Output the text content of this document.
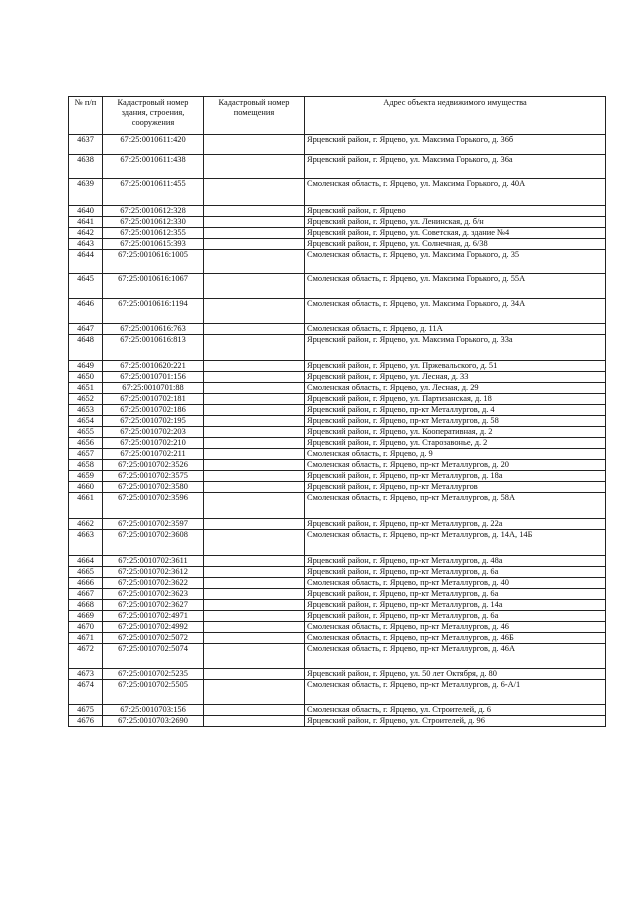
№ п/п	Кадастровый номер здания, строения, сооружения	Кадастровый номер помещения	Адрес объекта недвижимого имущества
4637	67:25:0010611:420		Ярцевский район, г. Ярцево, ул. Максима Горького, д. 36б

4638	67:25:0010611:438		Ярцевский район, г. Ярцево, ул. Максима Горького, д. 36а

4639	67:25:0010611:455		Смоленская область, г. Ярцево, ул. Максима Горького, д. 40А

4640	67:25:0010612:328		Ярцевский район, г. Ярцево

4641	67:25:0010612:330		Ярцевский район, г. Ярцево, ул. Ленинская, д. б/н

4642	67:25:0010612:355		Ярцевский район, г. Ярцево, ул. Советская, д. здание №4

4643	67:25:0010615:393		Ярцевский район, г. Ярцево, ул. Солнечная, д. 6/38

4644	67:25:0010616:1005		Смоленская область, г. Ярцево, ул. Максима Горького, д. 35

4645	67:25:0010616:1067		Смоленская область, г. Ярцево, ул. Максима Горького, д. 55А

4646	67:25:0010616:1194		Смоленская область, г. Ярцево, ул. Максима Горького, д. 34А

4647	67:25:0010616:763		Смоленская область, г. Ярцево, д. 11А

4648	67:25:0010616:813		Ярцевский район, г. Ярцево, ул. Максима Горького, д. 33а

4649	67:25:0010620:221		Ярцевский район, г. Ярцево, ул. Пржевальского, д. 51

4650	67:25:0010701:156		Ярцевский район, г. Ярцево, ул. Лесная, д. 33

4651	67:25:0010701:88		Смоленская область, г. Ярцево, ул. Лесная, д. 29

4652	67:25:0010702:181		Ярцевский район, г. Ярцево, ул. Партизанская, д. 18

4653	67:25:0010702:186		Ярцевский район, г. Ярцево, пр-кт Металлургов, д. 4

4654	67:25:0010702:195		Ярцевский район, г. Ярцево, пр-кт Металлургов, д. 58

4655	67:25:0010702:203		Ярцевский район, г. Ярцево, ул. Кооперативная, д. 2

4656	67:25:0010702:210		Ярцевский район, г. Ярцево, ул. Старозавонье, д. 2

4657	67:25:0010702:211		Смоленская область, г. Ярцево, д. 9

4658	67:25:0010702:3526		Смоленская область, г. Ярцево, пр-кт Металлургов, д. 20

4659	67:25:0010702:3575		Ярцевский район, г. Ярцево, пр-кт Металлургов, д. 18а

4660	67:25:0010702:3580		Ярцевский район, г. Ярцево, пр-кт Металлургов

4661	67:25:0010702:3596		Смоленская область, г. Ярцево, пр-кт Металлургов, д. 58А

4662	67:25:0010702:3597		Ярцевский район, г. Ярцево, пр-кт Металлургов, д. 22а

4663	67:25:0010702:3608		Смоленская область, г. Ярцево, пр-кт Металлургов, д. 14А, 14Б

4664	67:25:0010702:3611		Ярцевский район, г. Ярцево, пр-кт Металлургов, д. 48а

4665	67:25:0010702:3612		Ярцевский район, г. Ярцево, пр-кт Металлургов, д. 6а

4666	67:25:0010702:3622		Смоленская область, г. Ярцево, пр-кт Металлургов, д. 40

4667	67:25:0010702:3623		Ярцевский район, г. Ярцево, пр-кт Металлургов, д. 6а

4668	67:25:0010702:3627		Ярцевский район, г. Ярцево, пр-кт Металлургов, д. 14а

4669	67:25:0010702:4971		Ярцевский район, г. Ярцево, пр-кт Металлургов, д. 6а

4670	67:25:0010702:4992		Смоленская область, г. Ярцево, пр-кт Металлургов, д. 46

4671	67:25:0010702:5072		Смоленская область, г. Ярцево, пр-кт Металлургов, д. 46Б

4672	67:25:0010702:5074		Смоленская область, г. Ярцево, пр-кт Металлургов, д. 46А

4673	67:25:0010702:5235		Ярцевский район, г. Ярцево, ул. 50 лет Октября, д. 80

4674	67:25:0010702:5505		Смоленская область, г. Ярцево, пр-кт Металлургов, д. 6-А/1

4675	67:25:0010703:156		Смоленская область, г. Ярцево, ул. Строителей, д. 6

4676	67:25:0010703:2690		Ярцевский район, г. Ярцево, ул. Строителей, д. 96
